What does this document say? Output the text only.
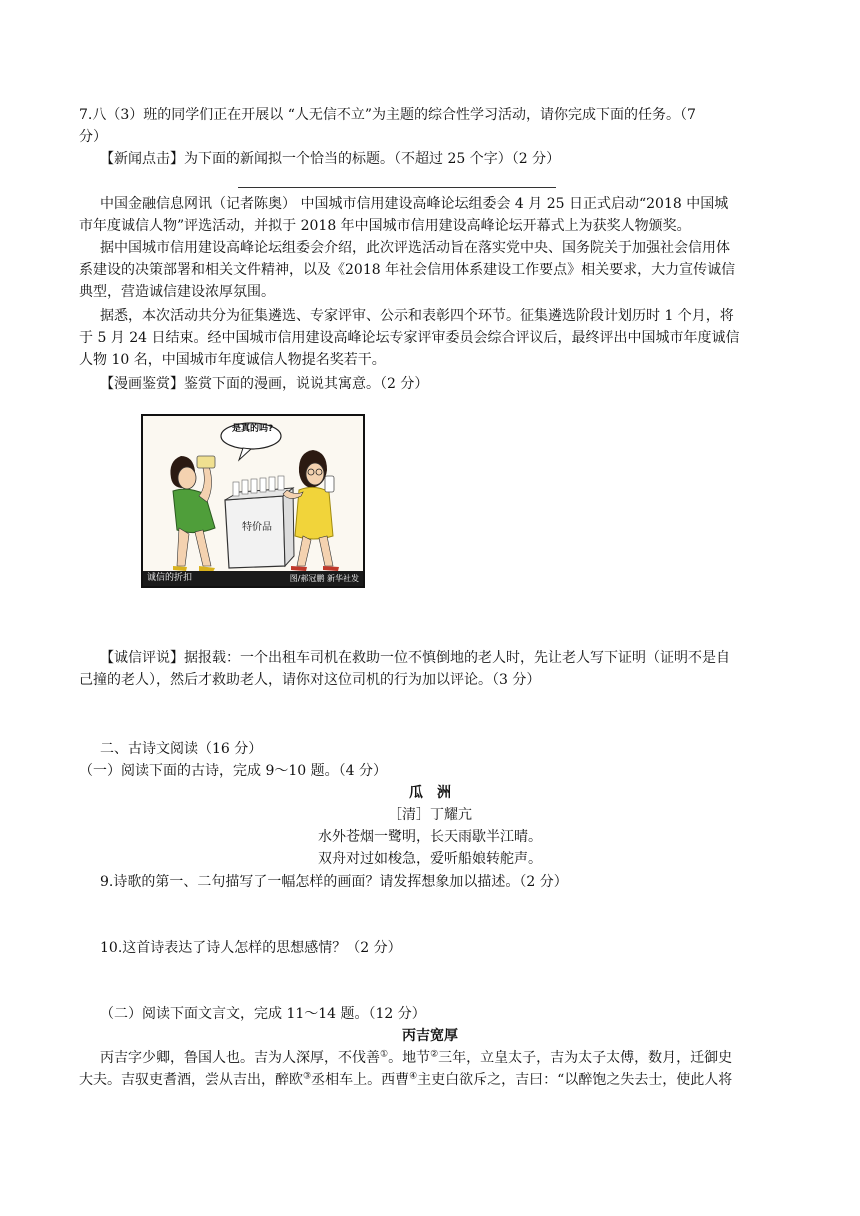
7.八（3）班的同学们正在开展以 “人无信不立”为主题的综合性学习活动，请你完成下面的任务。（7
分）
【新闻点击】为下面的新闻拟一个恰当的标题。（不超过 25 个字）（2 分）
中国金融信息网讯（记者陈奥） 中国城市信用建设高峰论坛组委会 4 月 25 日正式启动“2018 中国城
市年度诚信人物”评选活动，并拟于 2018 年中国城市信用建设高峰论坛开幕式上为获奖人物颁奖。
据中国城市信用建设高峰论坛组委会介绍，此次评选活动旨在落实党中央、国务院关于加强社会信用体
系建设的决策部署和相关文件精神，以及《2018 年社会信用体系建设工作要点》相关要求，大力宣传诚信
典型，营造诚信建设浓厚氛围。
据悉，本次活动共分为征集遴选、专家评审、公示和表彰四个环节。征集遴选阶段计划历时 1 个月，将
于 5 月 24 日结束。经中国城市信用建设高峰论坛专家评审委员会综合评议后，最终评出中国城市年度诚信
人物 10 名，中国城市年度诚信人物提名奖若干。
【漫画鉴赏】鉴赏下面的漫画，说说其寓意。（2 分）
诚信的折扣	图/郝冠鹏 新华社发
是真的吗?
特价品
【诚信评说】据报载：一个出租车司机在救助一位不慎倒地的老人时，先让老人写下证明（证明不是自
己撞的老人），然后才救助老人，请你对这位司机的行为加以评论。（3 分）
二、古诗文阅读（16 分）
（一）阅读下面的古诗，完成 9～10 题。（4 分）
瓜　洲
［清］丁耀亢
水外苍烟一鹭明，长天雨歇半江晴。
双舟对过如梭急，爱听船娘转舵声。
9.诗歌的第一、二句描写了一幅怎样的画面？请发挥想象加以描述。（2 分）
10.这首诗表达了诗人怎样的思想感情？（2 分）
（二）阅读下面文言文，完成 11～14 题。（12 分）
丙吉宽厚
丙吉字少卿，鲁国人也。吉为人深厚，不伐善①。地节②三年，立皇太子，吉为太子太傅，数月，迁御史
大夫。吉驭吏耆酒，尝从吉出，醉欧③丞相车上。西曹④主吏白欲斥之，吉曰：“以醉饱之失去士，使此人将
